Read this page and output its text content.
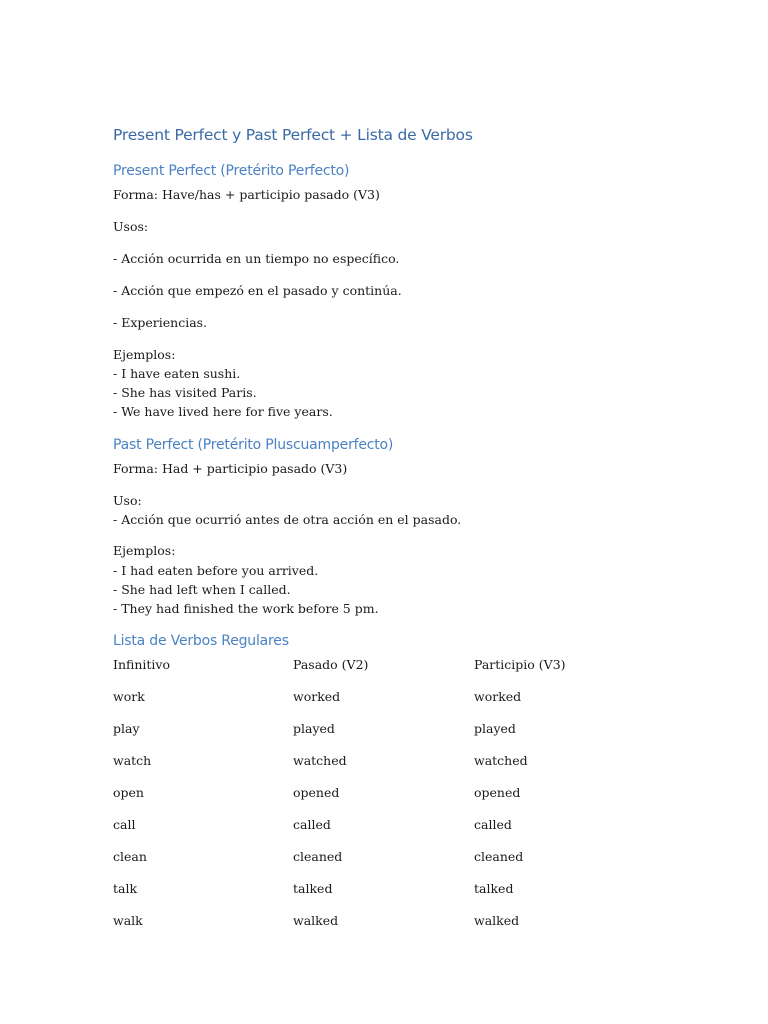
Present Perfect y Past Perfect + Lista de Verbos
Present Perfect (Pretérito Perfecto)
Forma: Have/has + participio pasado (V3)
Usos:
- Acción ocurrida en un tiempo no específico.
- Acción que empezó en el pasado y continúa.
- Experiencias.
Ejemplos:
- I have eaten sushi.
- She has visited Paris.
- We have lived here for five years.
Past Perfect (Pretérito Pluscuamperfecto)
Forma: Had + participio pasado (V3)
Uso:
- Acción que ocurrió antes de otra acción en el pasado.
Ejemplos:
- I had eaten before you arrived.
- She had left when I called.
- They had finished the work before 5 pm.
Lista de Verbos Regulares
Infinitivo	Pasado (V2)	Participio (V3)
work	worked	worked
play	played	played
watch	watched	watched
open	opened	opened
call	called	called
clean	cleaned	cleaned
talk	talked	talked
walk	walked	walked
